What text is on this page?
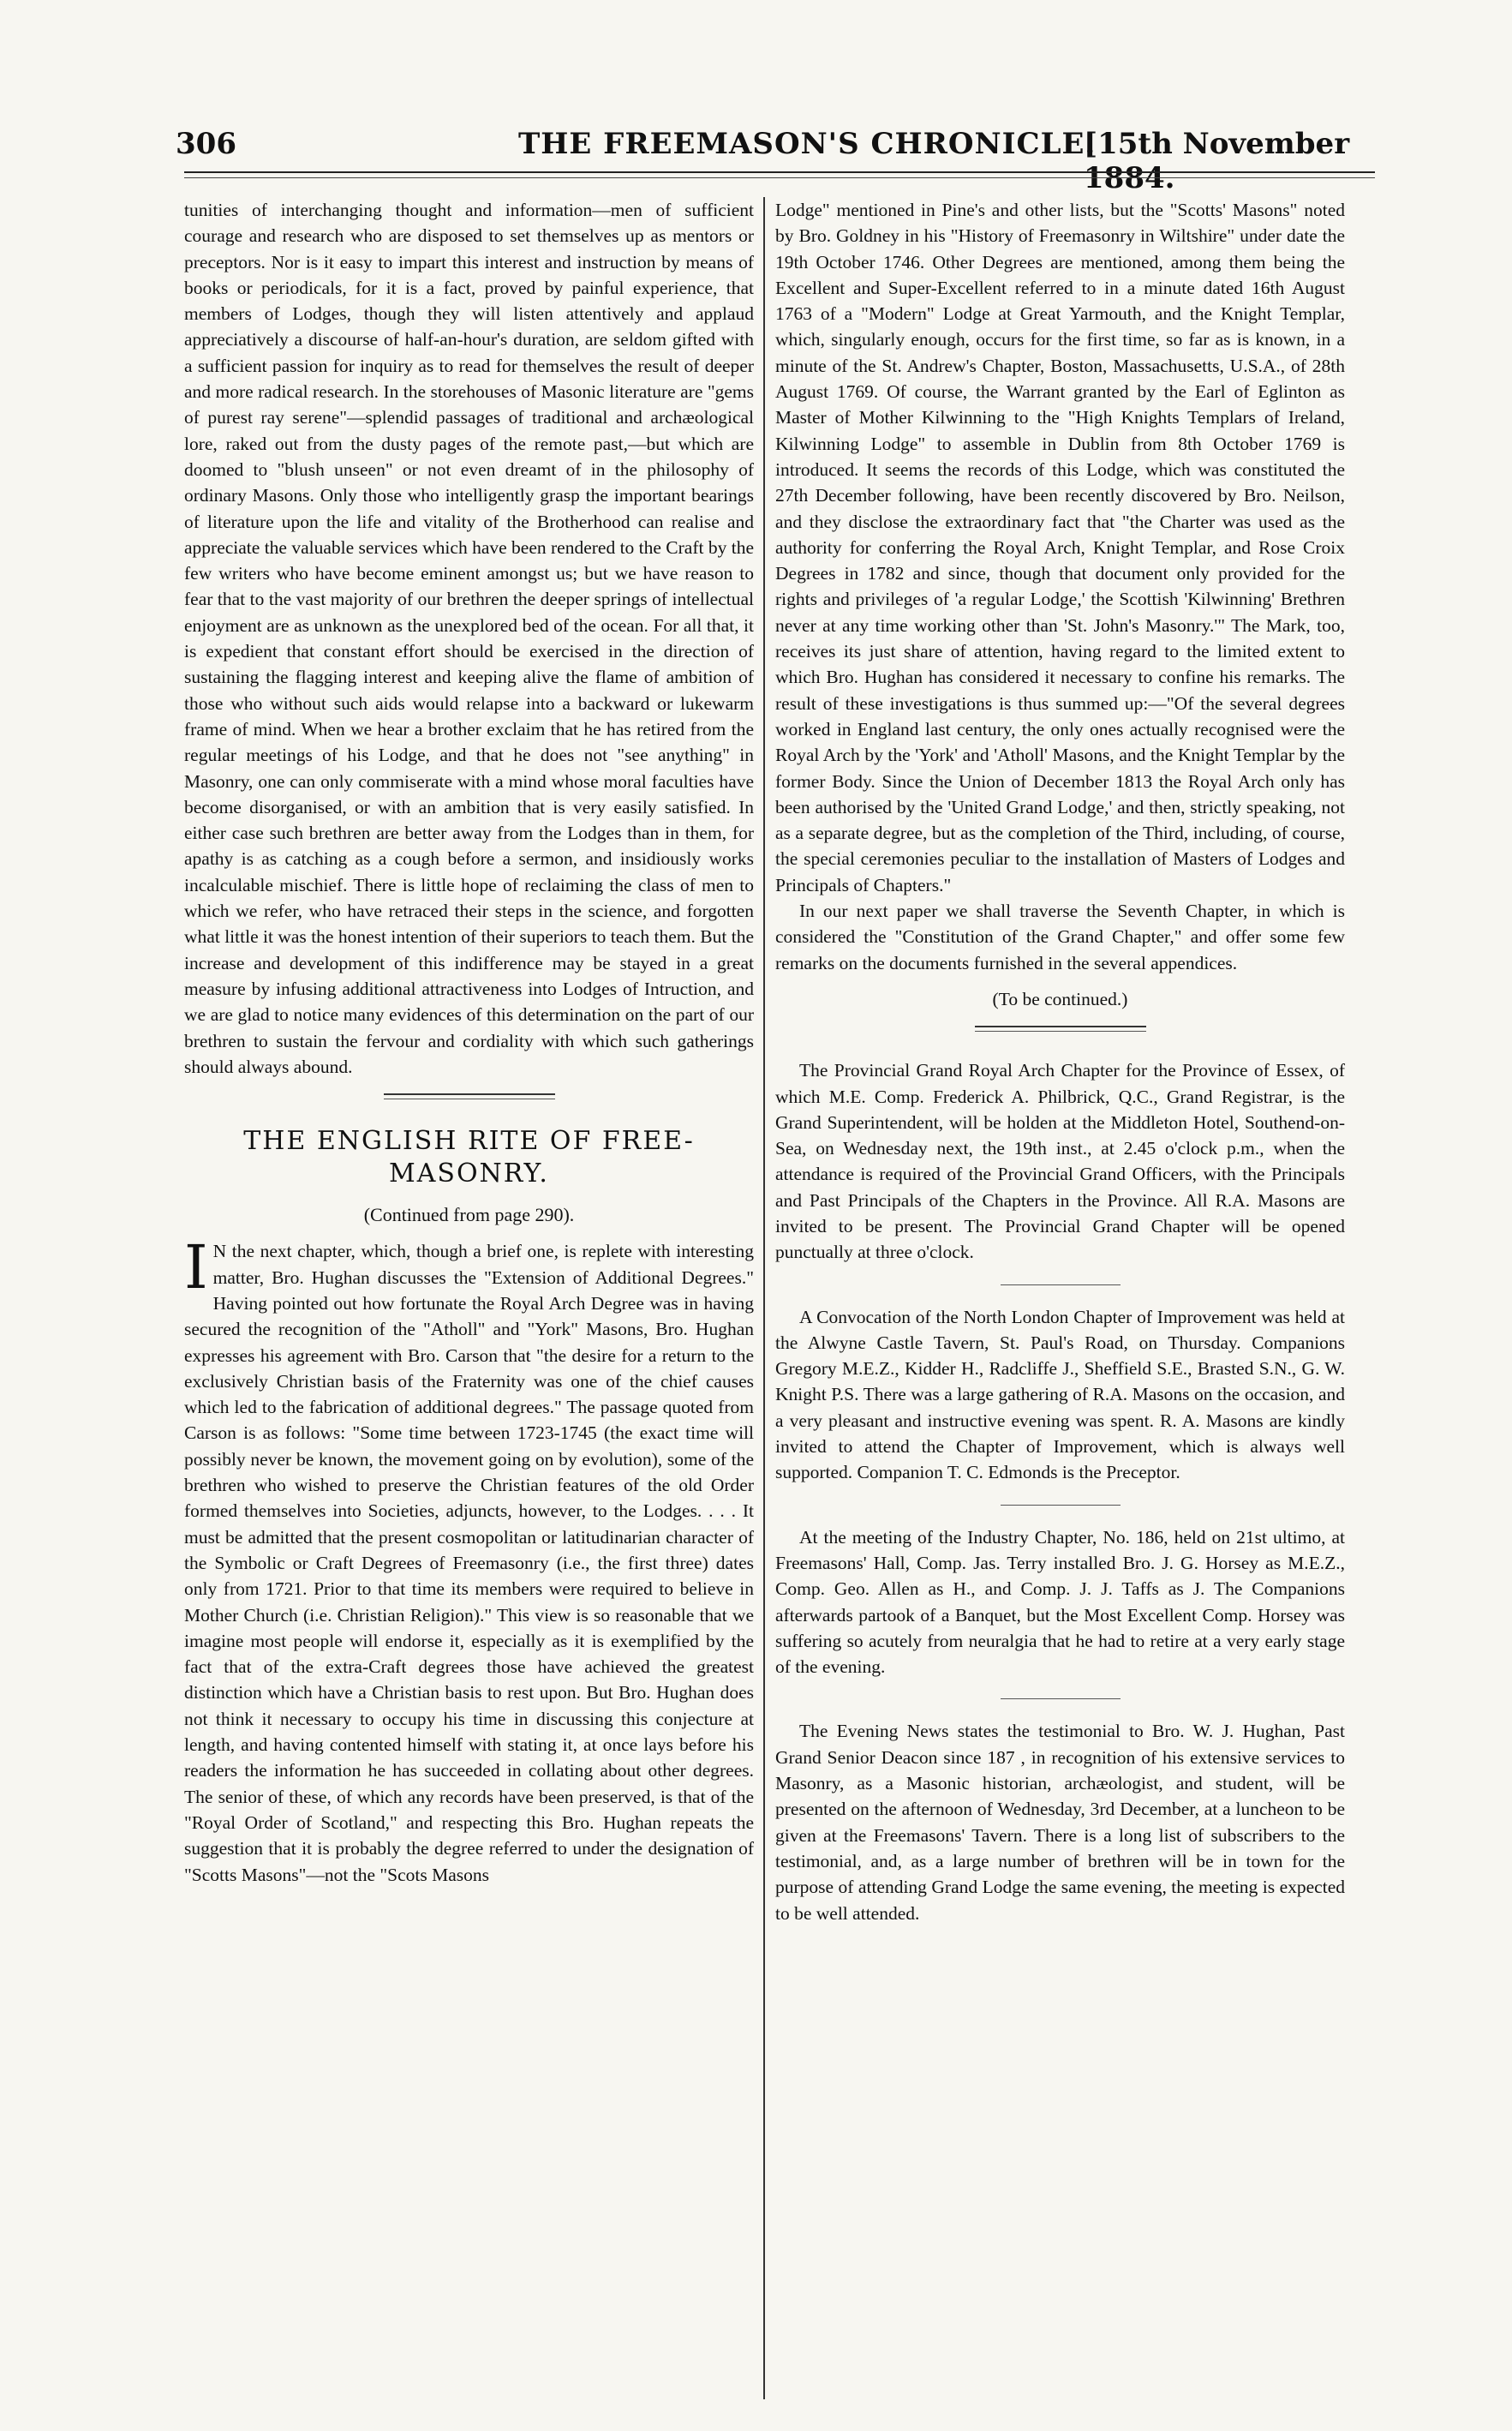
306	THE FREEMASON'S CHRONICLE.
[15th November 1884.

tunities of interchanging thought and information—men of sufficient courage and research who are disposed to set themselves up as mentors or preceptors. Nor is it easy to impart this interest and instruction by means of books or periodicals, for it is a fact, proved by painful experience, that members of Lodges, though they will listen attentively and applaud appreciatively a discourse of half-an-hour's duration, are seldom gifted with a sufficient passion for inquiry as to read for themselves the result of deeper and more radical research. In the storehouses of Masonic literature are "gems of purest ray serene"—splendid passages of traditional and archæological lore, raked out from the dusty pages of the remote past,—but which are doomed to "blush unseen" or not even dreamt of in the philosophy of ordinary Masons. Only those who intelligently grasp the important bearings of literature upon the life and vitality of the Brotherhood can realise and appreciate the valuable services which have been rendered to the Craft by the few writers who have become eminent amongst us; but we have reason to fear that to the vast majority of our brethren the deeper springs of intellectual enjoyment are as unknown as the unexplored bed of the ocean. For all that, it is expedient that constant effort should be exercised in the direction of sustaining the flagging interest and keeping alive the flame of ambition of those who without such aids would relapse into a backward or lukewarm frame of mind. When we hear a brother exclaim that he has retired from the regular meetings of his Lodge, and that he does not "see anything" in Masonry, one can only commiserate with a mind whose moral faculties have become disorganised, or with an ambition that is very easily satisfied. In either case such brethren are better away from the Lodges than in them, for apathy is as catching as a cough before a sermon, and insidiously works incalculable mischief. There is little hope of reclaiming the class of men to which we refer, who have retraced their steps in the science, and forgotten what little it was the honest intention of their superiors to teach them. But the increase and development of this indifference may be stayed in a great measure by infusing additional attractiveness into Lodges of Intruction, and we are glad to notice many evidences of this determination on the part of our brethren to sustain the fervour and cordiality with which such gatherings should always abound.

THE ENGLISH RITE OF FREE-MASONRY.
(Continued from page 290).

I N the next chapter, which, though a brief one, is replete with interesting matter, Bro. Hughan discusses the "Extension of Additional Degrees." Having pointed out how fortunate the Royal Arch Degree was in having secured the recognition of the "Atholl" and "York" Masons, Bro. Hughan expresses his agreement with Bro. Carson that "the desire for a return to the exclusively Christian basis of the Fraternity was one of the chief causes which led to the fabrication of additional degrees." The passage quoted from Carson is as follows: "Some time between 1723-1745 (the exact time will possibly never be known, the movement going on by evolution), some of the brethren who wished to preserve the Christian features of the old Order formed themselves into Societies, adjuncts, however, to the Lodges. . . . It must be admitted that the present cosmopolitan or latitudinarian character of the Symbolic or Craft Degrees of Freemasonry (i.e., the first three) dates only from 1721. Prior to that time its members were required to believe in Mother Church (i.e. Christian Religion)." This view is so reasonable that we imagine most people will endorse it, especially as it is exemplified by the fact that of the extra-Craft degrees those have achieved the greatest distinction which have a Christian basis to rest upon. But Bro. Hughan does not think it necessary to occupy his time in discussing this conjecture at length, and having contented himself with stating it, at once lays before his readers the information he has succeeded in collating about other degrees. The senior of these, of which any records have been preserved, is that of the "Royal Order of Scotland," and respecting this Bro. Hughan repeats the suggestion that it is probably the degree referred to under the designation of "Scotts Masons"—not the "Scots Masons

Lodge" mentioned in Pine's and other lists, but the "Scotts' Masons" noted by Bro. Goldney in his "History of Freemasonry in Wiltshire" under date the 19th October 1746. Other Degrees are mentioned, among them being the Excellent and Super-Excellent referred to in a minute dated 16th August 1763 of a "Modern" Lodge at Great Yarmouth, and the Knight Templar, which, singularly enough, occurs for the first time, so far as is known, in a minute of the St. Andrew's Chapter, Boston, Massachusetts, U.S.A., of 28th August 1769. Of course, the Warrant granted by the Earl of Eglinton as Master of Mother Kilwinning to the "High Knights Templars of Ireland, Kilwinning Lodge" to assemble in Dublin from 8th October 1769 is introduced. It seems the records of this Lodge, which was constituted the 27th December following, have been recently discovered by Bro. Neilson, and they disclose the extraordinary fact that "the Charter was used as the authority for conferring the Royal Arch, Knight Templar, and Rose Croix Degrees in 1782 and since, though that document only provided for the rights and privileges of 'a regular Lodge,' the Scottish 'Kilwinning' Brethren never at any time working other than 'St. John's Masonry.'" The Mark, too, receives its just share of attention, having regard to the limited extent to which Bro. Hughan has considered it necessary to confine his remarks. The result of these investigations is thus summed up:—"Of the several degrees worked in England last century, the only ones actually recognised were the Royal Arch by the 'York' and 'Atholl' Masons, and the Knight Templar by the former Body. Since the Union of December 1813 the Royal Arch only has been authorised by the 'United Grand Lodge,' and then, strictly speaking, not as a separate degree, but as the completion of the Third, including, of course, the special ceremonies peculiar to the installation of Masters of Lodges and Principals of Chapters."

In our next paper we shall traverse the Seventh Chapter, in which is considered the "Constitution of the Grand Chapter," and offer some few remarks on the documents furnished in the several appendices.

(To be continued.)

The Provincial Grand Royal Arch Chapter for the Province of Essex, of which M.E. Comp. Frederick A. Philbrick, Q.C., Grand Registrar, is the Grand Superintendent, will be holden at the Middleton Hotel, Southend-on-Sea, on Wednesday next, the 19th inst., at 2.45 o'clock p.m., when the attendance is required of the Provincial Grand Officers, with the Principals and Past Principals of the Chapters in the Province. All R.A. Masons are invited to be present. The Provincial Grand Chapter will be opened punctually at three o'clock.

A Convocation of the North London Chapter of Improvement was held at the Alwyne Castle Tavern, St. Paul's Road, on Thursday. Companions Gregory M.E.Z., Kidder H., Radcliffe J., Sheffield S.E., Brasted S.N., G. W. Knight P.S. There was a large gathering of R.A. Masons on the occasion, and a very pleasant and instructive evening was spent. R. A. Masons are kindly invited to attend the Chapter of Improvement, which is always well supported. Companion T. C. Edmonds is the Preceptor.

At the meeting of the Industry Chapter, No. 186, held on 21st ultimo, at Freemasons' Hall, Comp. Jas. Terry installed Bro. J. G. Horsey as M.E.Z., Comp. Geo. Allen as H., and Comp. J. J. Taffs as J. The Companions afterwards partook of a Banquet, but the Most Excellent Comp. Horsey was suffering so acutely from neuralgia that he had to retire at a very early stage of the evening.

The Evening News states the testimonial to Bro. W. J. Hughan, Past Grand Senior Deacon since 187 , in recognition of his extensive services to Masonry, as a Masonic historian, archæologist, and student, will be presented on the afternoon of Wednesday, 3rd December, at a luncheon to be given at the Freemasons' Tavern. There is a long list of subscribers to the testimonial, and, as a large number of brethren will be in town for the purpose of attending Grand Lodge the same evening, the meeting is expected to be well attended.
